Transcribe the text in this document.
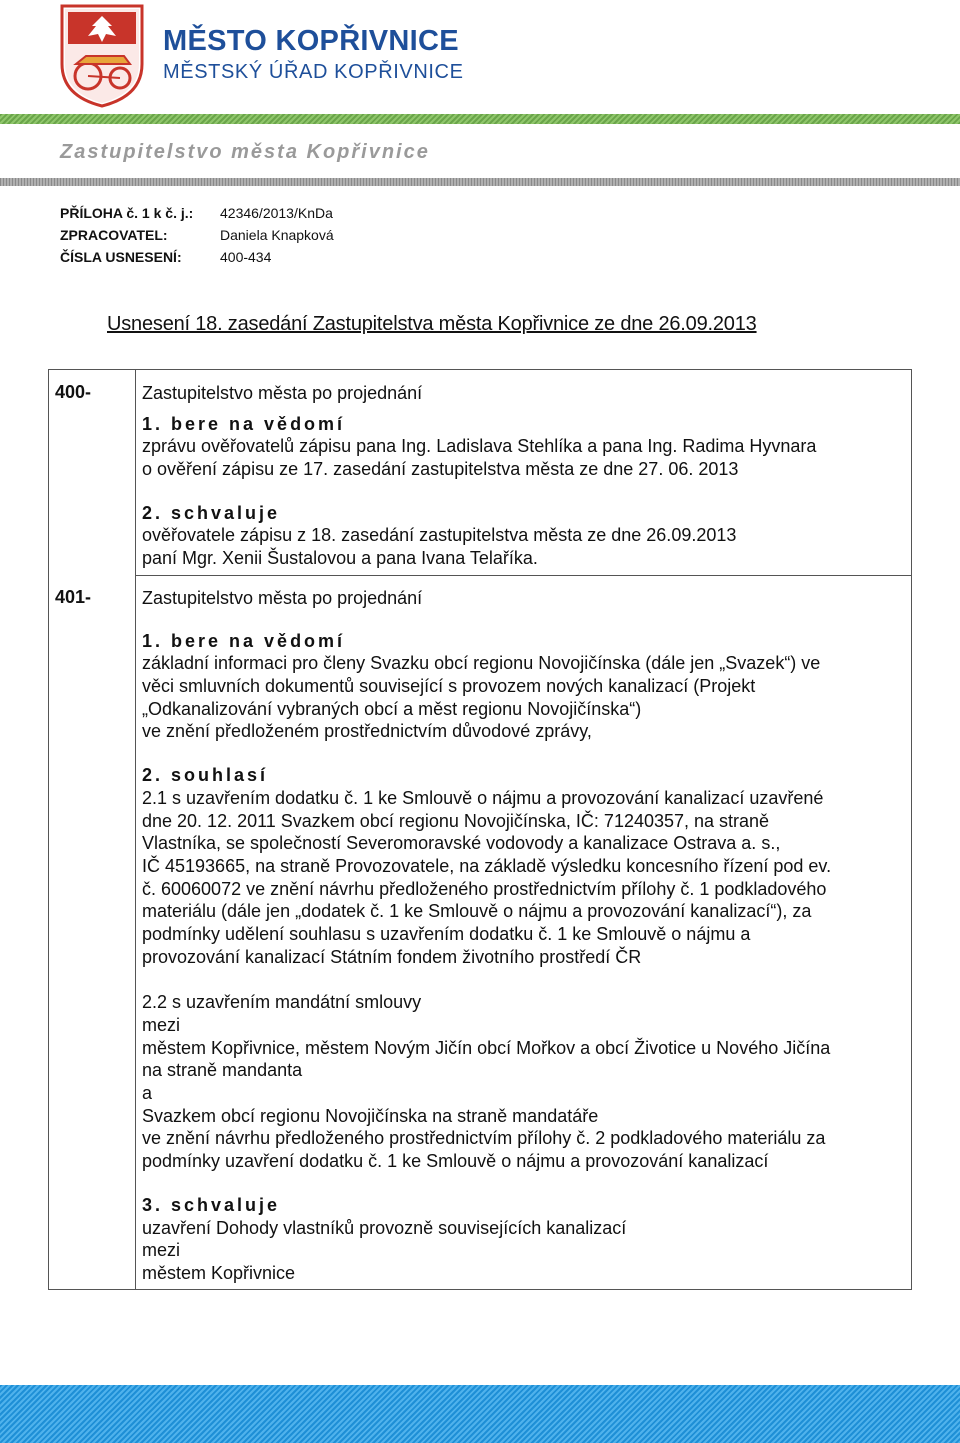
MĚSTO KOPŘIVNICE
MĚSTSKÝ ÚŘAD KOPŘIVNICE
Zastupitelstvo města Kopřivnice
PŘÍLOHA č. 1 k č. j.:	42346/2013/KnDa
ZPRACOVATEL:	Daniela Knapková
ČÍSLA USNESENÍ:	400-434
Usnesení 18. zasedání Zastupitelstva města Kopřivnice ze dne 26.09.2013
400-	Zastupitelstvo města po projednání
1. bere na vědomí
zprávu ověřovatelů zápisu pana Ing. Ladislava Stehlíka a pana Ing. Radima Hyvnara
o ověření zápisu ze 17. zasedání zastupitelstva města ze dne 27. 06. 2013
2. schvaluje
ověřovatele zápisu z 18. zasedání zastupitelstva města ze dne 26.09.2013
paní Mgr. Xenii Šustalovou a pana Ivana Telaříka.
401-	Zastupitelstvo města po projednání
1. bere na vědomí
základní informaci pro členy Svazku obcí regionu Novojičínska (dále jen „Svazek“) ve
věci smluvních dokumentů související s provozem nových kanalizací (Projekt
„Odkanalizování vybraných obcí a měst regionu Novojičínska“)
ve znění předloženém prostřednictvím důvodové zprávy,
2. souhlasí
2.1 s uzavřením dodatku č. 1 ke Smlouvě o nájmu a provozování kanalizací uzavřené
dne 20. 12. 2011 Svazkem obcí regionu Novojičínska, IČ: 71240357, na straně
Vlastníka, se společností Severomoravské vodovody a kanalizace Ostrava a. s.,
IČ 45193665, na straně Provozovatele, na základě výsledku koncesního řízení pod ev.
č. 60060072 ve znění návrhu předloženého prostřednictvím přílohy č. 1 podkladového
materiálu (dále jen „dodatek č. 1 ke Smlouvě o nájmu a provozování kanalizací“), za
podmínky udělení souhlasu s uzavřením dodatku č. 1 ke Smlouvě o nájmu a
provozování kanalizací Státním fondem životního prostředí ČR
2.2 s uzavřením mandátní smlouvy
mezi
městem Kopřivnice, městem Novým Jičín obcí Mořkov a obcí Životice u Nového Jičína
na straně mandanta
a
Svazkem obcí regionu Novojičínska na straně mandatáře
ve znění návrhu předloženého prostřednictvím přílohy č. 2 podkladového materiálu za
podmínky uzavření dodatku č. 1 ke Smlouvě o nájmu a provozování kanalizací
3. schvaluje
uzavření Dohody vlastníků provozně souvisejících kanalizací
mezi
městem Kopřivnice
